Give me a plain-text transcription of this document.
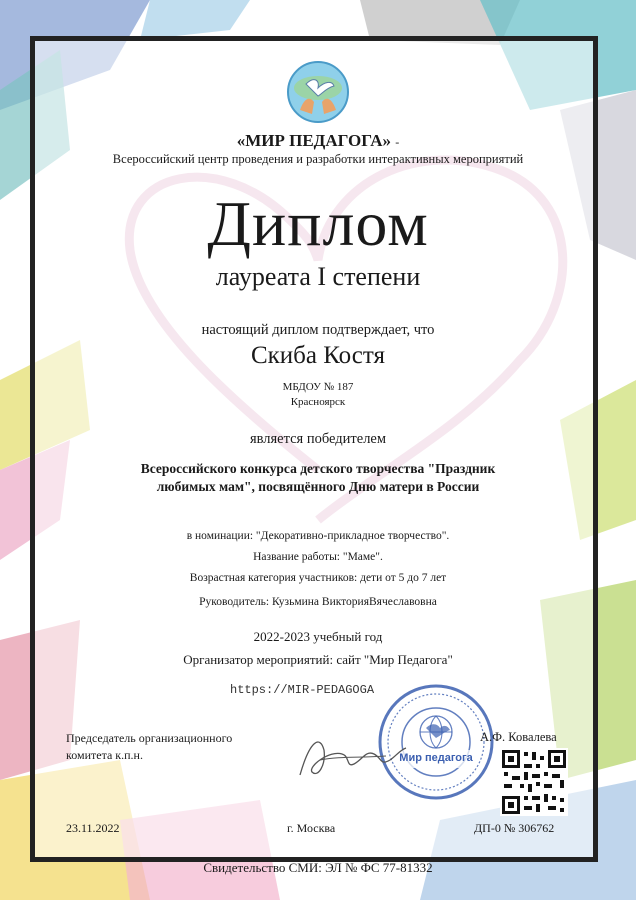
«МИР ПЕДАГОГА» -
Всероссийский центр проведения и разработки интерактивных мероприятий
Диплом
лауреата I степени
настоящий диплом подтверждает, что
Скиба Костя
МБДОУ № 187
Красноярск
является победителем
Всероссийского конкурса детского творчества "Праздник любимых мам", посвящённого Дню матери в России
в номинации: "Декоративно-прикладное творчество".
Название работы: "Маме".
Возрастная категория участников: дети от 5 до 7 лет
Руководитель: Кузьмина ВикторияВячеславовна
2022-2023 учебный год
Организатор мероприятий: сайт "Мир Педагога"
https://MIR-PEDAGOGA
Мир педагога
Председатель организационного
комитета к.п.н.
А.Ф. Ковалева
23.11.2022	г. Москва	ДП-0 № 306762
Свидетельство СМИ: ЭЛ № ФС 77-81332
